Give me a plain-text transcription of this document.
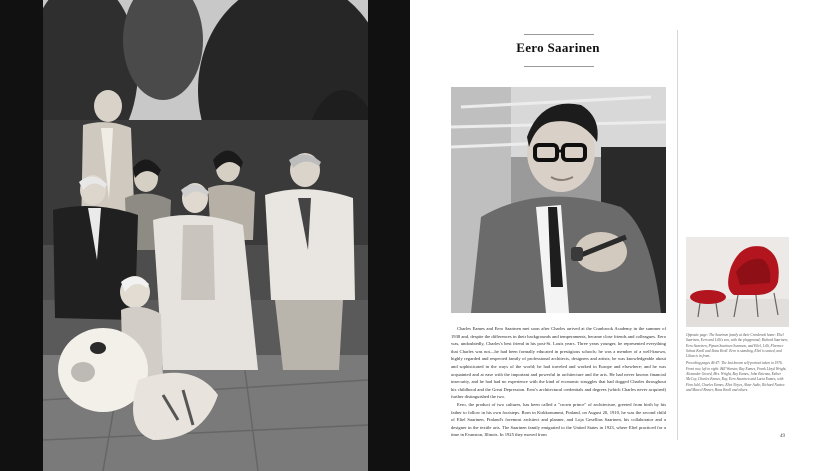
Eero Saarinen

Charles Eames and Eero Saarinen met soon after Charles arrived at the Cranbrook Academy in the summer of 1938 and, despite the differences in their backgrounds and temperaments, became close friends and colleagues. Eero was, undoubtedly, Charles's best friend in his post-St. Louis years. Three years younger, he represented everything that Charles was not—he had been formally educated in prestigious schools; he was a member of a well-known, highly regarded and respected family of professional architects, designers and artists; he was knowledgeable about and sophisticated in the ways of the world; he had traveled and worked in Europe and elsewhere; and he was acquainted and at ease with the important and powerful in architecture and the arts. He had never known financial insecurity, and he had had no experience with the kind of economic struggles that had dogged Charles throughout his childhood and the Great Depression. Eero's architectural credentials and degrees (which Charles never acquired) further distinguished the two.

Eero, the product of two cultures, has been called a "crown prince" of architecture, greeted from birth by his father to follow in his own footsteps. Born in Kirkkonummi, Finland, on August 20, 1910, he was the second child of Eliel Saarinen, Finland's foremost architect and planner, and Loja Gesellius Saarinen, his collaborator and a designer in the textile arts. The Saarinen family emigrated to the United States in 1923, where Eliel practiced for a time in Evanston, Illinois. In 1925 they moved from

Opposite page: The Saarinen family at their Cranbrook home: Eliel Saarinen, Eero and Lilli's son, with the playground; Richard Saarinen; Eero Saarinen, Pipsan Saarinen Swanson, and Eliel, Lilli, Florence Schust Knoll and Ilona Kroll. Eero is standing, Eliel is seated, and Lilian is in front.

Preceding pages 46-47: The last known self-portrait taken in 1976. Front row, left to right: Bill Wurster, Ray Eames, Frank Lloyd Wright, Alexander Girard, Mrs. Wright, Ray Eames, John Entenza, Esther McCoy, Charles Eames, Ray, Eero Saarinen and Lucia Eames, with Finn Juhl, Charles Eames, Eliot Noyes, Alvar Aalto, Richard Neutra and Marcel Breuer, Hans Knoll and others.

49
